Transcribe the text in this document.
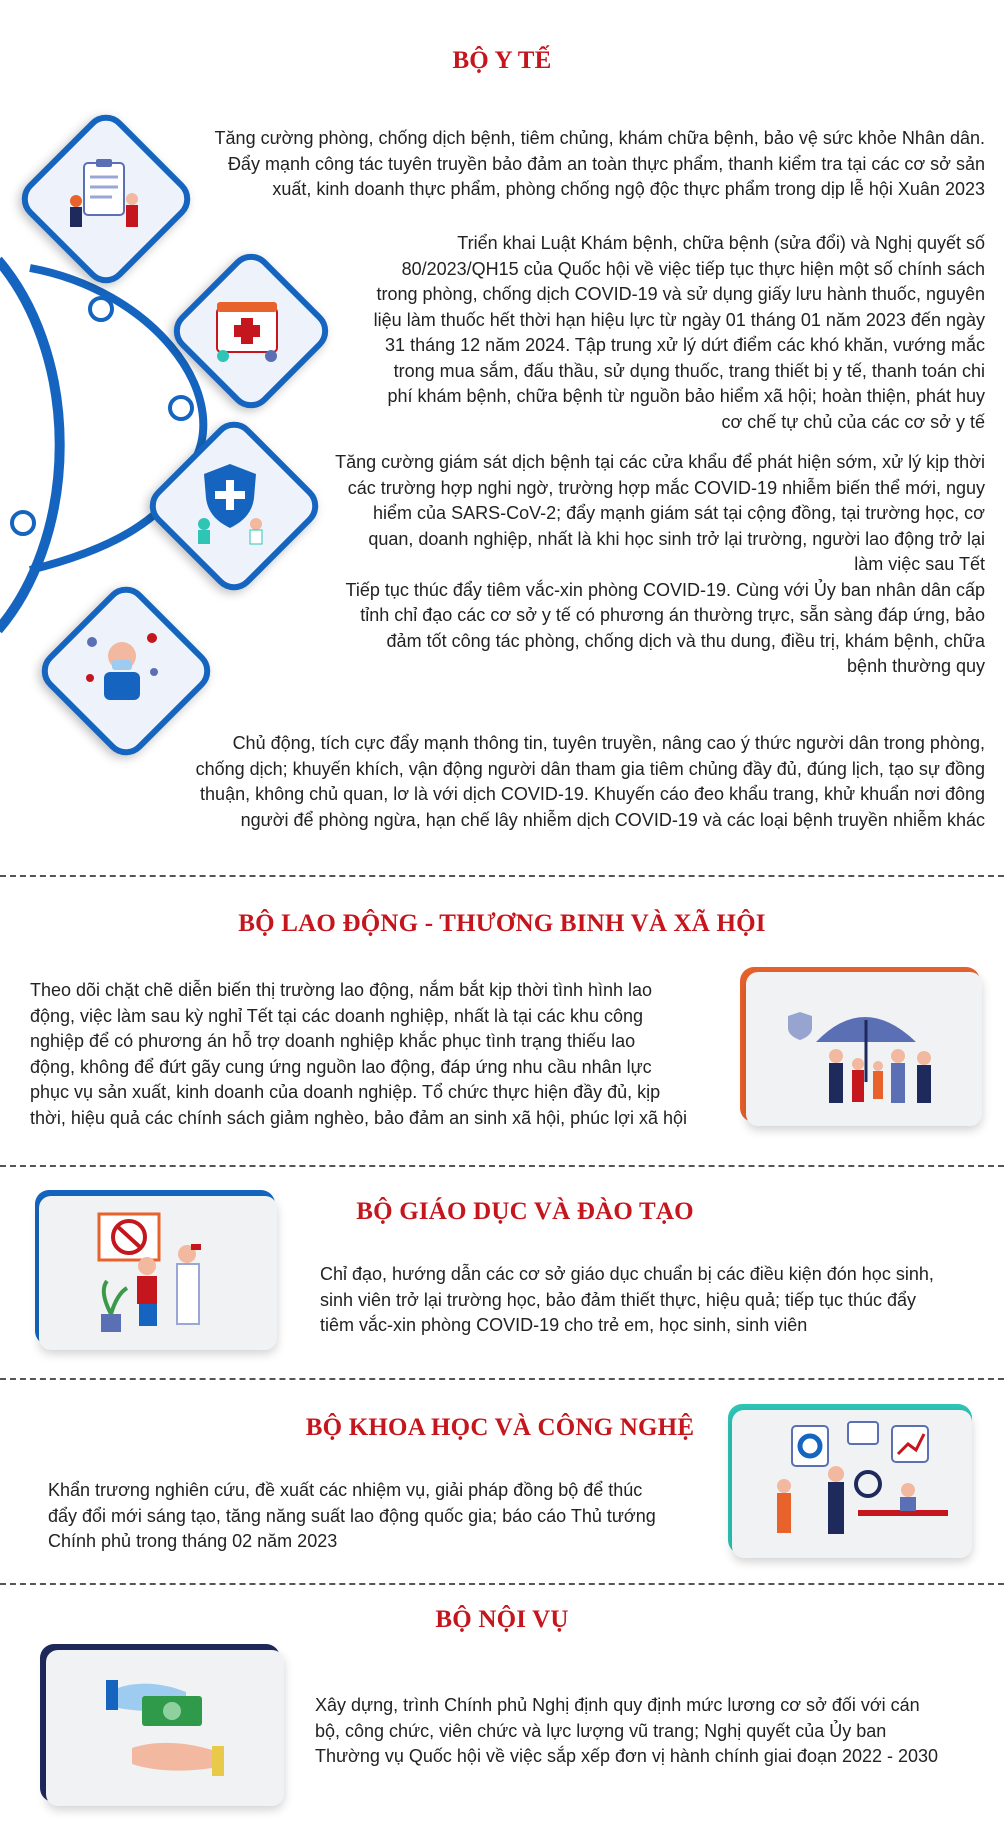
BỘ Y TẾ
Tăng cường phòng, chống dịch bệnh, tiêm chủng, khám chữa bệnh, bảo vệ sức khỏe Nhân dân.
Đẩy mạnh công tác tuyên truyền bảo đảm an toàn thực phẩm, thanh kiểm tra tại các cơ sở sản
xuất, kinh doanh thực phẩm, phòng chống ngộ độc thực phẩm trong dịp lễ hội Xuân 2023
Triển khai Luật Khám bệnh, chữa bệnh (sửa đổi) và Nghị quyết số
80/2023/QH15 của Quốc hội về việc tiếp tục thực hiện một số chính sách
trong phòng, chống dịch COVID-19 và sử dụng giấy lưu hành thuốc, nguyên
liệu làm thuốc hết thời hạn hiệu lực từ ngày 01 tháng 01 năm 2023 đến ngày
31 tháng 12 năm 2024. Tập trung xử lý dứt điểm các khó khăn, vướng mắc
trong mua sắm, đấu thầu, sử dụng thuốc, trang thiết bị y tế, thanh toán chi
phí khám bệnh, chữa bệnh từ nguồn bảo hiểm xã hội; hoàn thiện, phát huy
cơ chế tự chủ của các cơ sở y tế
Tăng cường giám sát dịch bệnh tại các cửa khẩu để phát hiện sớm, xử lý kịp thời
các trường hợp nghi ngờ, trường hợp mắc COVID-19 nhiễm biến thể mới, nguy
hiểm của SARS-CoV-2; đẩy mạnh giám sát tại cộng đồng, tại trường học, cơ
quan, doanh nghiệp, nhất là khi học sinh trở lại trường, người lao động trở lại
làm việc sau Tết
Tiếp tục thúc đẩy tiêm vắc-xin phòng COVID-19. Cùng với Ủy ban nhân dân cấp
tỉnh chỉ đạo các cơ sở y tế có phương án thường trực, sẵn sàng đáp ứng, bảo
đảm tốt công tác phòng, chống dịch và thu dung, điều trị, khám bệnh, chữa
bệnh thường quy
Chủ động, tích cực đẩy mạnh thông tin, tuyên truyền, nâng cao ý thức người dân trong phòng,
chống dịch; khuyến khích, vận động người dân tham gia tiêm chủng đầy đủ, đúng lịch, tạo sự đồng
thuận, không chủ quan, lơ là với dịch COVID-19. Khuyến cáo đeo khẩu trang, khử khuẩn nơi đông
người để phòng ngừa, hạn chế lây nhiễm dịch COVID-19 và các loại bệnh truyền nhiễm khác
BỘ LAO ĐỘNG - THƯƠNG BINH VÀ XÃ HỘI
Theo dõi chặt chẽ diễn biến thị trường lao động, nắm bắt kịp thời tình hình lao
động, việc làm sau kỳ nghỉ Tết tại các doanh nghiệp, nhất là tại các khu công
nghiệp để có phương án hỗ trợ doanh nghiệp khắc phục tình trạng thiếu lao
động, không để đứt gãy cung ứng nguồn lao động, đáp ứng nhu cầu nhân lực
phục vụ sản xuất, kinh doanh của doanh nghiệp. Tổ chức thực hiện đầy đủ, kịp
thời, hiệu quả các chính sách giảm nghèo, bảo đảm an sinh xã hội, phúc lợi xã hội
BỘ GIÁO DỤC VÀ ĐÀO TẠO
Chỉ đạo, hướng dẫn các cơ sở giáo dục chuẩn bị các điều kiện đón học sinh,
sinh viên trở lại trường học, bảo đảm thiết thực, hiệu quả; tiếp tục thúc đẩy
tiêm vắc-xin phòng COVID-19 cho trẻ em, học sinh, sinh viên
BỘ KHOA HỌC VÀ CÔNG NGHỆ
Khẩn trương nghiên cứu, đề xuất các nhiệm vụ, giải pháp đồng bộ để thúc
đẩy đổi mới sáng tạo, tăng năng suất lao động quốc gia; báo cáo Thủ tướng
Chính phủ trong tháng 02 năm 2023
BỘ NỘI VỤ
Xây dựng, trình Chính phủ Nghị định quy định mức lương cơ sở đối với cán
bộ, công chức, viên chức và lực lượng vũ trang; Nghị quyết của Ủy ban
Thường vụ Quốc hội về việc sắp xếp đơn vị hành chính giai đoạn 2022 - 2030
